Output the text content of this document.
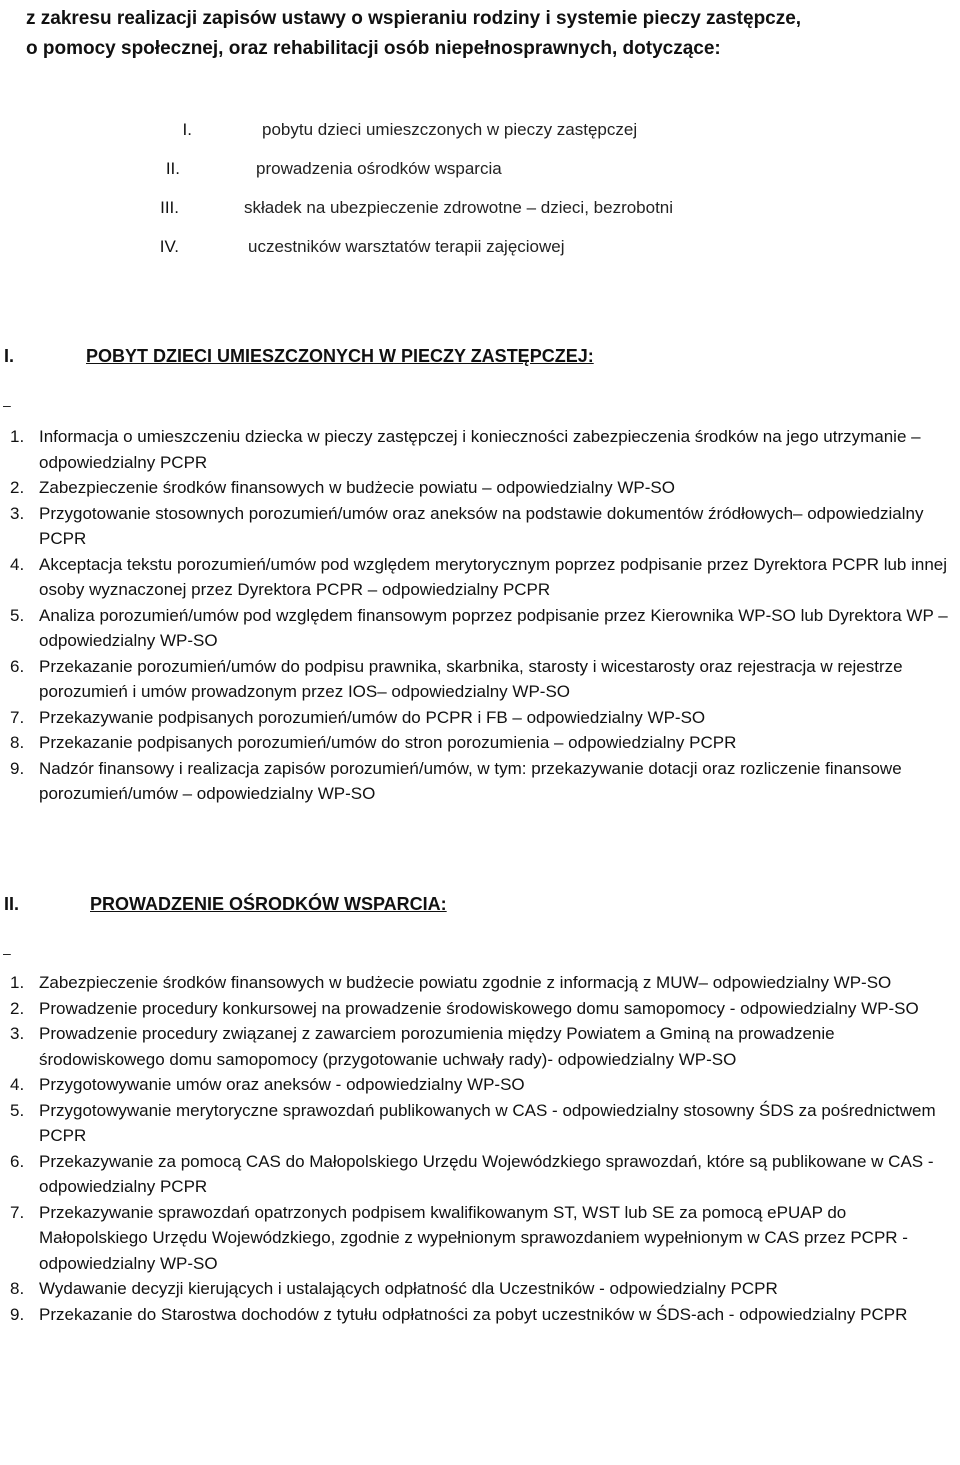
z zakresu realizacji zapisów ustawy o wspieraniu rodziny i systemie pieczy zastępcze,
o pomocy społecznej, oraz rehabilitacji osób niepełnosprawnych, dotyczące:
I.	pobytu dzieci umieszczonych w pieczy zastępczej
II.	prowadzenia ośrodków wsparcia
III.	składek na ubezpieczenie zdrowotne – dzieci, bezrobotni
IV.	uczestników warsztatów terapii zajęciowej
I.	POBYT DZIECI UMIESZCZONYCH W PIECZY ZASTĘPCZEJ:
–
1. Informacja o umieszczeniu dziecka w pieczy zastępczej i konieczności zabezpieczenia środków na jego utrzymanie – odpowiedzialny PCPR
2. Zabezpieczenie środków finansowych w budżecie powiatu – odpowiedzialny WP-SO
3. Przygotowanie stosownych porozumień/umów oraz aneksów na podstawie dokumentów źródłowych– odpowiedzialny PCPR
4. Akceptacja tekstu porozumień/umów pod względem merytorycznym poprzez podpisanie przez Dyrektora PCPR lub innej osoby wyznaczonej przez Dyrektora PCPR – odpowiedzialny PCPR
5. Analiza porozumień/umów pod względem finansowym poprzez podpisanie przez Kierownika WP-SO lub Dyrektora WP – odpowiedzialny WP-SO
6. Przekazanie porozumień/umów do podpisu prawnika, skarbnika, starosty i wicestarosty oraz rejestracja w rejestrze porozumień i umów prowadzonym przez IOS– odpowiedzialny WP-SO
7. Przekazywanie podpisanych porozumień/umów do PCPR i FB – odpowiedzialny WP-SO
8. Przekazanie podpisanych porozumień/umów do stron porozumienia – odpowiedzialny PCPR
9. Nadzór finansowy i realizacja zapisów porozumień/umów, w tym: przekazywanie dotacji oraz rozliczenie finansowe porozumień/umów – odpowiedzialny WP-SO
II.	PROWADZENIE OŚRODKÓW WSPARCIA:
–
1. Zabezpieczenie środków finansowych w budżecie powiatu zgodnie z informacją z MUW– odpowiedzialny WP-SO
2. Prowadzenie procedury konkursowej na prowadzenie środowiskowego domu samopomocy - odpowiedzialny WP-SO
3. Prowadzenie procedury związanej z zawarciem porozumienia między Powiatem a Gminą na prowadzenie środowiskowego domu samopomocy (przygotowanie uchwały rady)- odpowiedzialny WP-SO
4. Przygotowywanie umów oraz aneksów - odpowiedzialny WP-SO
5. Przygotowywanie merytoryczne sprawozdań publikowanych w CAS - odpowiedzialny stosowny ŚDS za pośrednictwem PCPR
6. Przekazywanie za pomocą CAS do Małopolskiego Urzędu Wojewódzkiego sprawozdań, które są publikowane w CAS - odpowiedzialny PCPR
7. Przekazywanie sprawozdań opatrzonych podpisem kwalifikowanym ST, WST lub SE za pomocą ePUAP do Małopolskiego Urzędu Wojewódzkiego, zgodnie z wypełnionym sprawozdaniem wypełnionym w CAS przez PCPR - odpowiedzialny WP-SO
8. Wydawanie decyzji kierujących i ustalających odpłatność dla Uczestników - odpowiedzialny PCPR
9. Przekazanie do Starostwa dochodów z tytułu odpłatności za pobyt uczestników w ŚDS-ach - odpowiedzialny PCPR
